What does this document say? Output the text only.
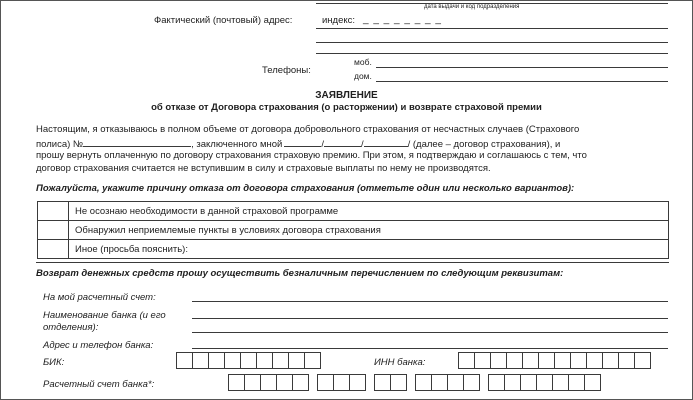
дата выдачи и код подразделения
Фактический (почтовый) адрес:	индекс: _ _ _ _ _ _ _ _
Телефоны:
моб.
дом.
ЗАЯВЛЕНИЕ
об отказе от Договора страхования (о расторжении) и возврате страховой премии
Настоящим, я отказываюсь в полном объеме от договора добровольного страхования от несчастных случаев (Страхового
полиса) №	, заключенного мной	/	/	/ (далее – договор страхования), и
прошу вернуть оплаченную по договору страхования страховую премию. При этом, я подтверждаю и соглашаюсь с тем, что
договор страхования считается не вступившим в силу и страховые выплаты по нему не производятся.
Пожалуйста, укажите причину отказа от договора страхования (отметьте один или несколько вариантов):
	Не осознаю необходимости в данной страховой программе
	Обнаружил неприемлемые пункты в условиях договора страхования
	Иное (просьба пояснить):
Возврат денежных средств прошу осуществить безналичным перечислением по следующим реквизитам:
На мой расчетный счет:
Наименование банка (и его
отделения):
Адрес и телефон банка:
БИК:	ИНН банка:
Расчетный счет банка*:
